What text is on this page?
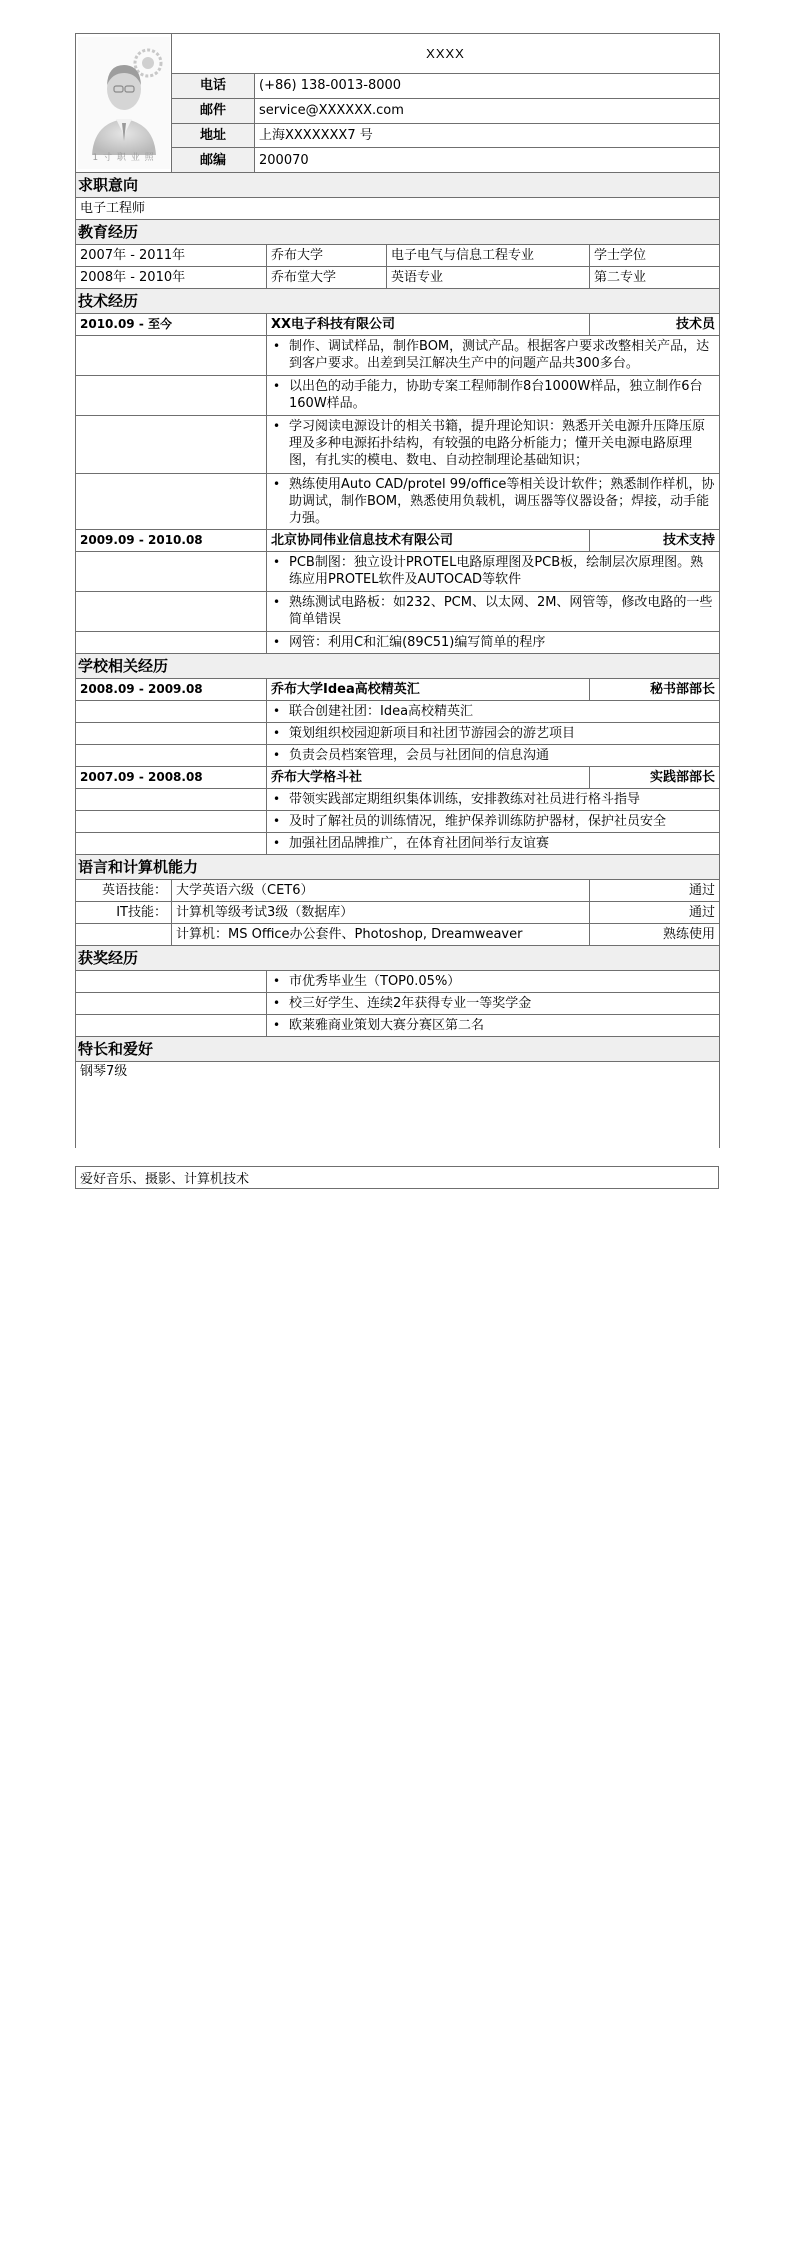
1 寸 职 业 照	XXXX				
	电话	(+86) 138-0013-8000			
	邮件	service@XXXXXX.com			
	地址	上海XXXXXXX7 号			
	邮编	200070			
求职意向					
电子工程师					
教育经历					
2007年 - 2011年			乔布大学	电子电气与信息工程专业	学士学位
2008年 - 2010年			乔布堂大学	英语专业	第二专业
技术经历					
2010.09 - 至今			XX电子科技有限公司		技术员

			• 制作、调试样品，制作BOM，测试产品。根据客户要求改整相关产品，达到客户要求。出差到吴江解决生产中的问题产品共300多台。		

			• 以出色的动手能力，协助专案工程师制作8台1000W样品，独立制作6台160W样品。		

			• 学习阅读电源设计的相关书籍，提升理论知识：熟悉开关电源升压降压原理及多种电源拓扑结构，有较强的电路分析能力；懂开关电源电路原理图，有扎实的模电、数电、自动控制理论基础知识；		

			• 熟练使用Auto CAD/protel 99/office等相关设计软件；熟悉制作样机，协助调试，制作BOM，熟悉使用负载机，调压器等仪器设备；焊接，动手能力强。		
2009.09 - 2010.08			北京协同伟业信息技术有限公司		技术支持

			• PCB制图：独立设计PROTEL电路原理图及PCB板，绘制层次原理图。熟练应用PROTEL软件及AUTOCAD等软件		

			• 熟练测试电路板：如232、PCM、以太网、2M、网管等，修改电路的一些简单错误		

			• 网管：利用C和汇编(89C51)编写简单的程序		
学校相关经历					
2008.09 - 2009.08			乔布大学Idea高校精英汇		秘书部部长

			• 联合创建社团：Idea高校精英汇		

			• 策划组织校园迎新项目和社团节游园会的游艺项目		

			• 负责会员档案管理，会员与社团间的信息沟通		
2007.09 - 2008.08			乔布大学格斗社		实践部部长

			• 带领实践部定期组织集体训练，安排教练对社员进行格斗指导		

			• 及时了解社员的训练情况，维护保养训练防护器材，保护社员安全		

			• 加强社团品牌推广，在体育社团间举行友谊赛		
语言和计算机能力					
英语技能：	大学英语六级（CET6）				通过
IT技能：	计算机等级考试3级（数据库）				通过
	计算机：MS Office办公套件、Photoshop, Dreamweaver				熟练使用
获奖经历					

			• 市优秀毕业生（TOP0.05%）		

			• 校三好学生、连续2年获得专业一等奖学金		

			• 欧莱雅商业策划大赛分赛区第二名		
特长和爱好					
钢琴7级					

爱好音乐、摄影、计算机技术
